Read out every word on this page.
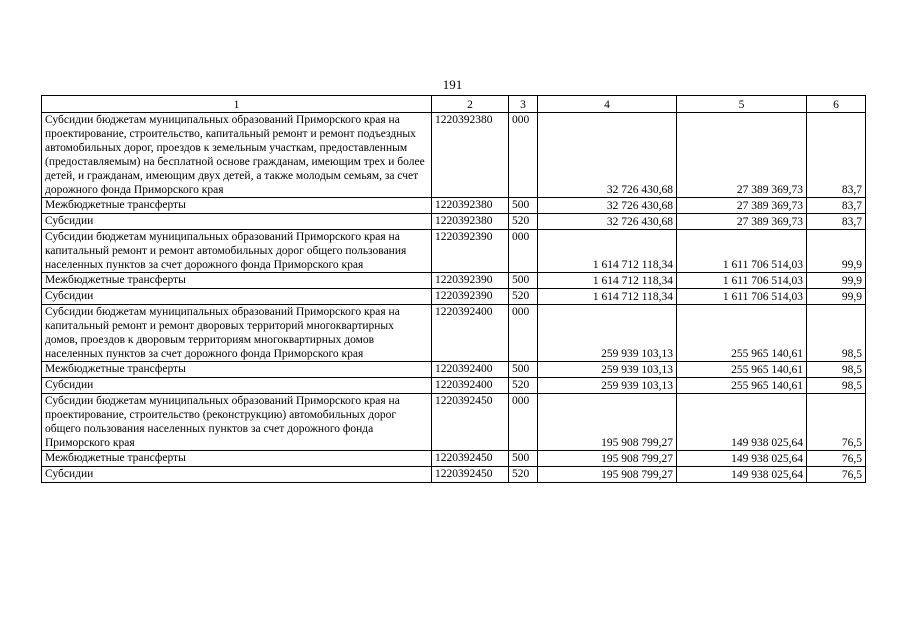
191
1	2	3	4	5	6
Субсидии бюджетам муниципальных образований Приморского края на проектирование, строительство, капитальный ремонт и ремонт подъездных автомобильных дорог, проездов к земельным участкам, предоставленным (предоставляемым) на бесплатной основе гражданам, имеющим трех и более детей, и гражданам, имеющим двух детей, а также молодым семьям, за счет дорожного фонда Приморского края	1220392380	000	32 726 430,68	27 389 369,73	83,7
Межбюджетные трансферты	1220392380	500	32 726 430,68	27 389 369,73	83,7
Субсидии	1220392380	520	32 726 430,68	27 389 369,73	83,7
Субсидии бюджетам муниципальных образований Приморского края на капитальный ремонт и ремонт автомобильных дорог общего пользования населенных пунктов за счет дорожного фонда Приморского края	1220392390	000	1 614 712 118,34	1 611 706 514,03	99,9
Межбюджетные трансферты	1220392390	500	1 614 712 118,34	1 611 706 514,03	99,9
Субсидии	1220392390	520	1 614 712 118,34	1 611 706 514,03	99,9
Субсидии бюджетам муниципальных образований Приморского края на капитальный ремонт и ремонт дворовых территорий многоквартирных домов, проездов к дворовым территориям многоквартирных домов населенных пунктов за счет дорожного фонда Приморского края	1220392400	000	259 939 103,13	255 965 140,61	98,5
Межбюджетные трансферты	1220392400	500	259 939 103,13	255 965 140,61	98,5
Субсидии	1220392400	520	259 939 103,13	255 965 140,61	98,5
Субсидии бюджетам муниципальных образований Приморского края на проектирование, строительство (реконструкцию) автомобильных дорог общего пользования населенных пунктов за счет дорожного фонда Приморского края	1220392450	000	195 908 799,27	149 938 025,64	76,5
Межбюджетные трансферты	1220392450	500	195 908 799,27	149 938 025,64	76,5
Субсидии	1220392450	520	195 908 799,27	149 938 025,64	76,5
